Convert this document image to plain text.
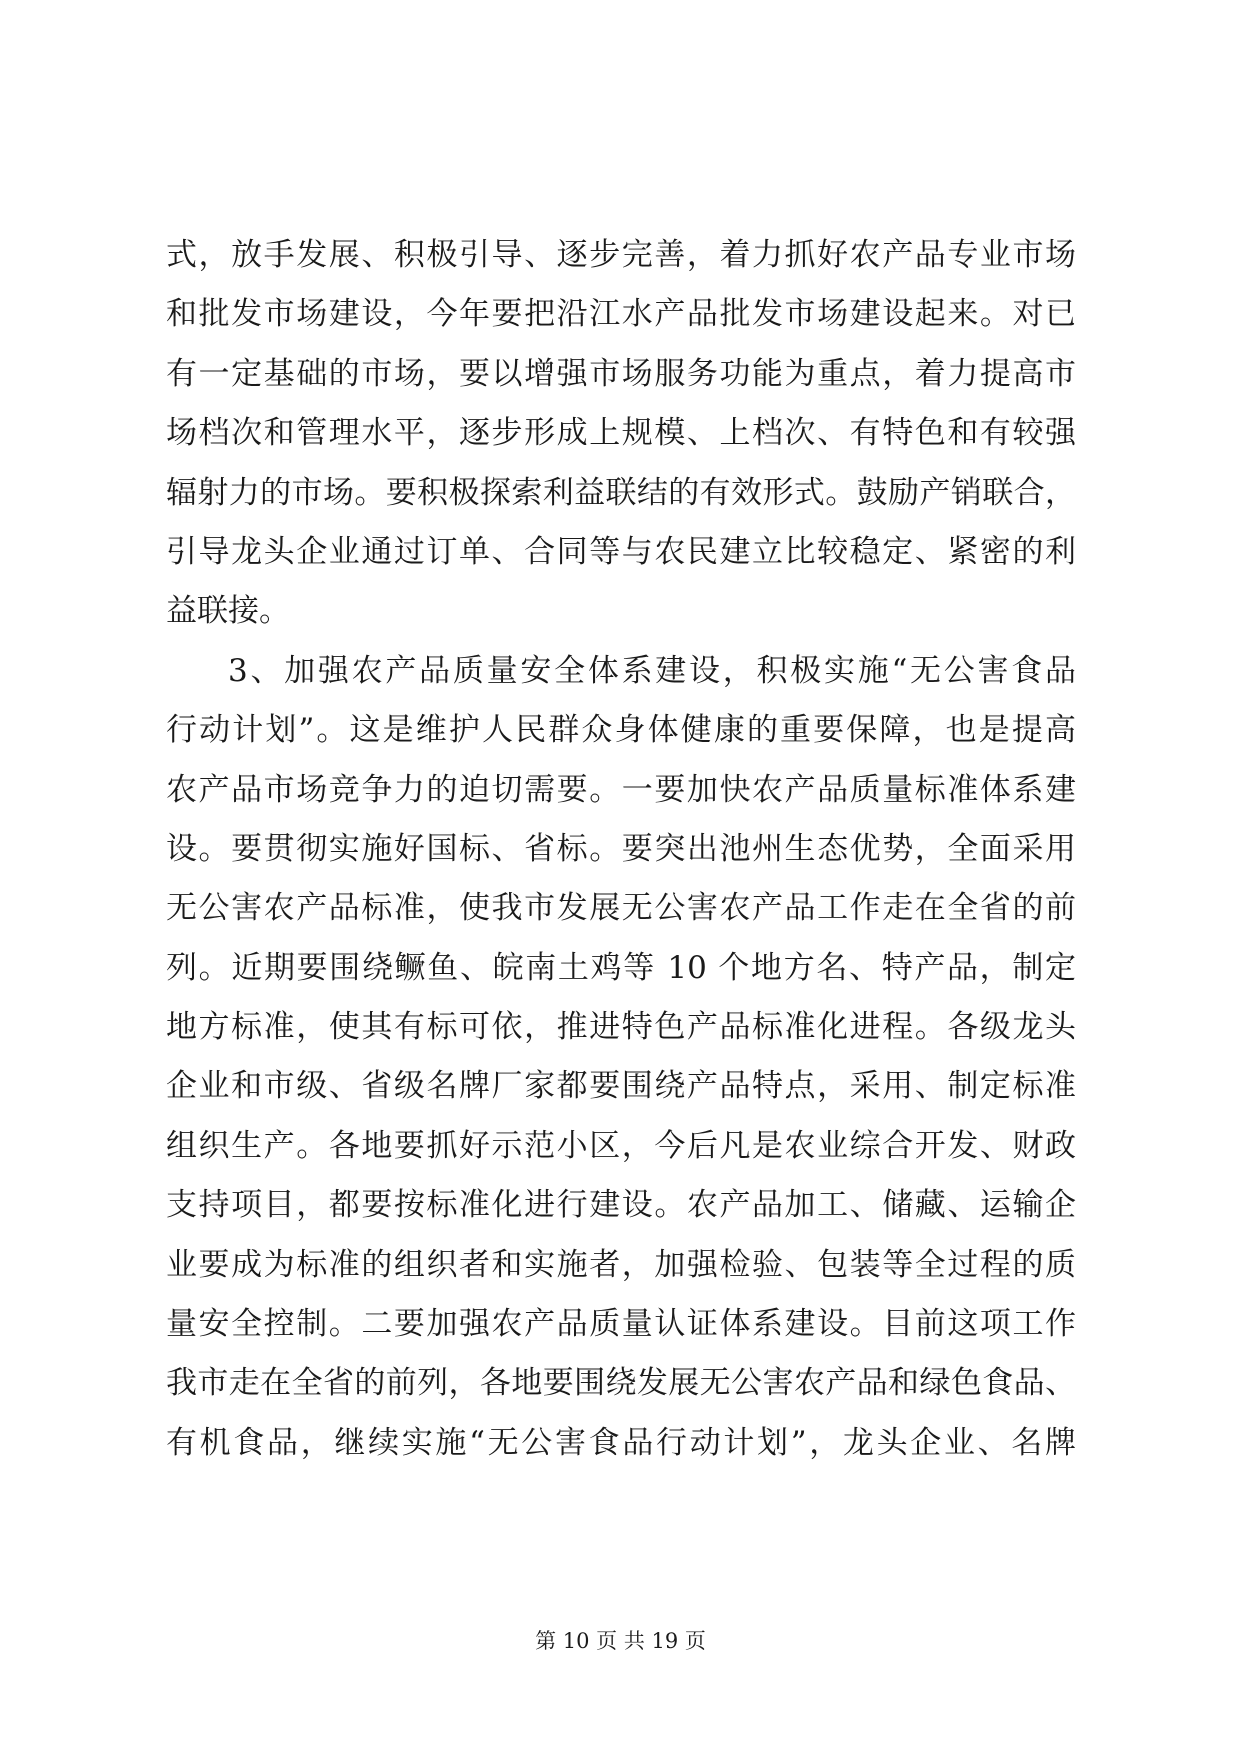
式，放手发展、积极引导、逐步完善，着力抓好农产品专业市场
和批发市场建设，今年要把沿江水产品批发市场建设起来。对已
有一定基础的市场，要以增强市场服务功能为重点，着力提高市
场档次和管理水平，逐步形成上规模、上档次、有特色和有较强
辐射力的市场。要积极探索利益联结的有效形式。鼓励产销联合，
引导龙头企业通过订单、合同等与农民建立比较稳定、紧密的利
益联接。
3、加强农产品质量安全体系建设，积极实施“无公害食品
行动计划”。这是维护人民群众身体健康的重要保障，也是提高
农产品市场竞争力的迫切需要。一要加快农产品质量标准体系建
设。要贯彻实施好国标、省标。要突出池州生态优势，全面采用
无公害农产品标准，使我市发展无公害农产品工作走在全省的前
列。近期要围绕鳜鱼、皖南土鸡等 10 个地方名、特产品，制定
地方标准，使其有标可依，推进特色产品标准化进程。各级龙头
企业和市级、省级名牌厂家都要围绕产品特点，采用、制定标准
组织生产。各地要抓好示范小区，今后凡是农业综合开发、财政
支持项目，都要按标准化进行建设。农产品加工、储藏、运输企
业要成为标准的组织者和实施者，加强检验、包装等全过程的质
量安全控制。二要加强农产品质量认证体系建设。目前这项工作
我市走在全省的前列，各地要围绕发展无公害农产品和绿色食品、
有机食品，继续实施“无公害食品行动计划”，龙头企业、名牌
第 10 页 共 19 页
